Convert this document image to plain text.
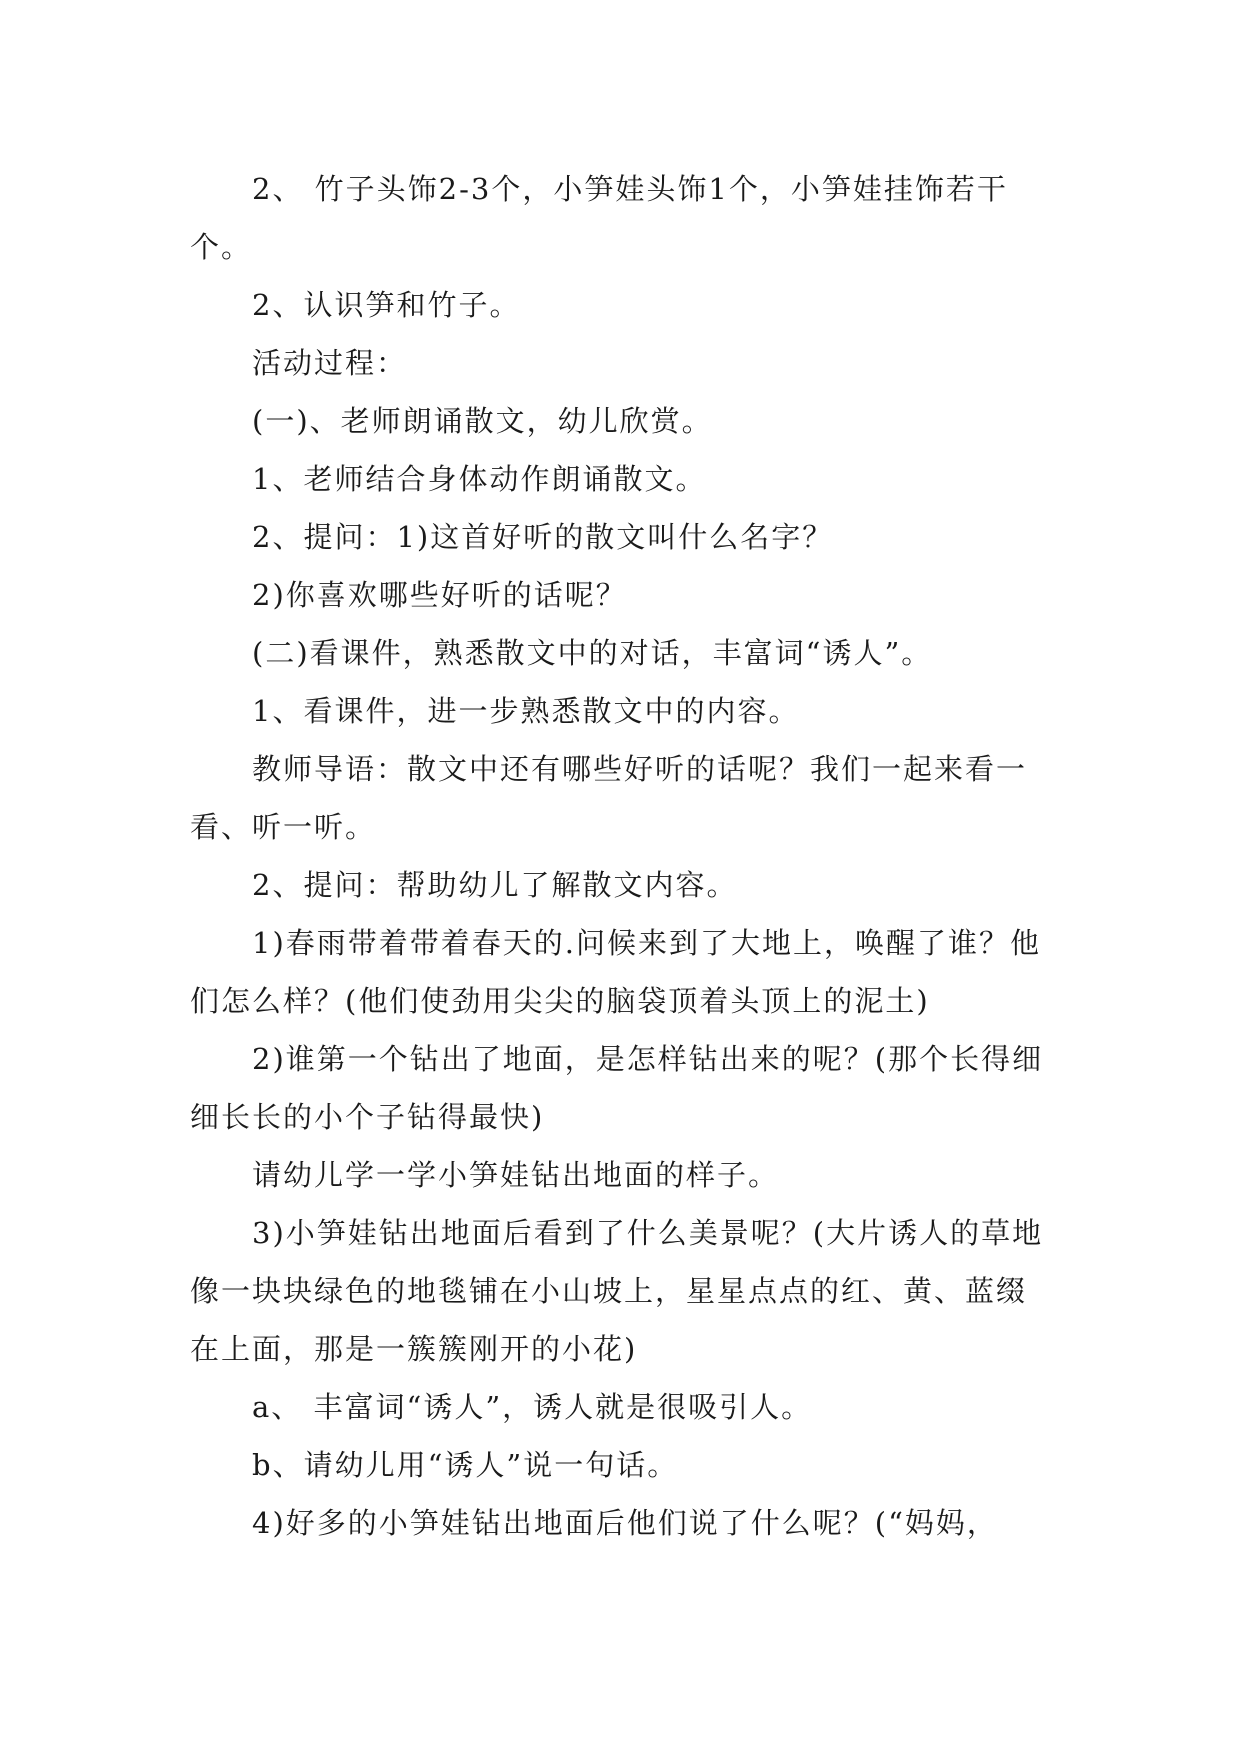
2、 竹子头饰2-3个，小笋娃头饰1个，小笋娃挂饰若干个。

2、认识笋和竹子。

活动过程：

(一)、老师朗诵散文，幼儿欣赏。

1、老师结合身体动作朗诵散文。

2、提问：1)这首好听的散文叫什么名字？

2)你喜欢哪些好听的话呢？

(二)看课件，熟悉散文中的对话，丰富词“诱人”。

1、看课件，进一步熟悉散文中的内容。

教师导语：散文中还有哪些好听的话呢？我们一起来看一看、听一听。

2、提问：帮助幼儿了解散文内容。

1)春雨带着带着春天的.问候来到了大地上，唤醒了谁？他们怎么样？(他们使劲用尖尖的脑袋顶着头顶上的泥土)

2)谁第一个钻出了地面，是怎样钻出来的呢？(那个长得细细长长的小个子钻得最快)

请幼儿学一学小笋娃钻出地面的样子。

3)小笋娃钻出地面后看到了什么美景呢？(大片诱人的草地像一块块绿色的地毯铺在小山坡上，星星点点的红、黄、蓝缀在上面，那是一簇簇刚开的小花)

a、 丰富词“诱人”，诱人就是很吸引人。

b、请幼儿用“诱人”说一句话。

4)好多的小笋娃钻出地面后他们说了什么呢？(“妈妈，
